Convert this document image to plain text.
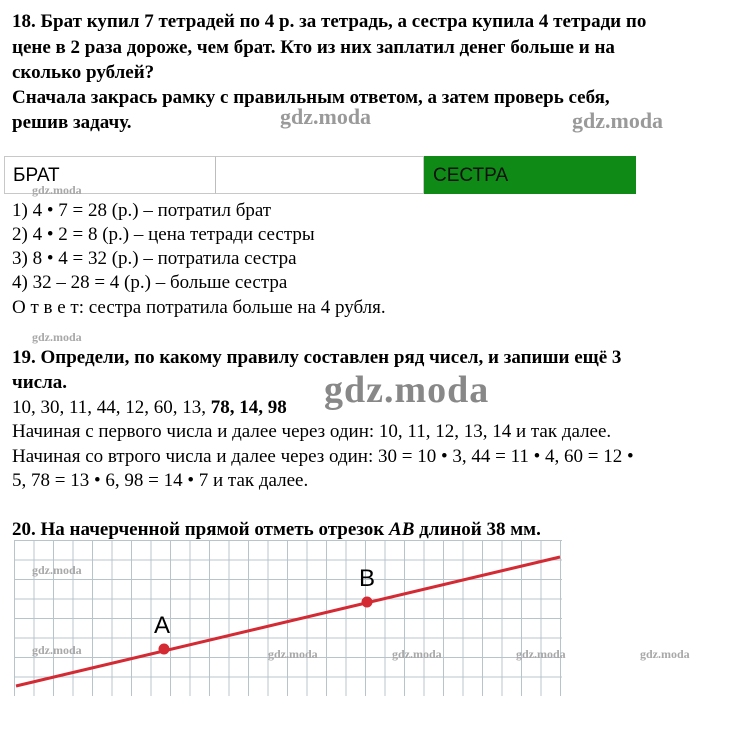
18. Брат купил 7 тетрадей по 4 р. за тетрадь, а сестра купила 4 тетради по
цене в 2 раза дороже, чем брат. Кто из них заплатил денег больше и на
сколько рублей?
Сначала закрась рамку с правильным ответом, а затем проверь себя,
решив задачу.
БРАТ	СЕСТРА
1) 4 • 7 = 28 (р.) – потратил брат
2) 4 • 2 = 8 (р.) – цена тетради сестры
3) 8 • 4 = 32 (р.) – потратила сестра
4) 32 – 28 = 4 (р.) – больше сестра
О т в е т: сестра потратила больше на 4 рубля.
19. Определи, по какому правилу составлен ряд чисел, и запиши ещё 3
числа.
10, 30, 11, 44, 12, 60, 13, 78, 14, 98
Начиная с первого числа и далее через один: 10, 11, 12, 13, 14 и так далее.
Начиная со втрого числа и далее через один: 30 = 10 • 3, 44 = 11 • 4, 60 = 12 •
5, 78 = 13 • 6, 98 = 14 • 7 и так далее.
20. На начерченной прямой отметь отрезок AB длиной 38 мм.
A
B
gdz.moda	gdz.moda
gdz.moda
gdz.moda
gdz.moda
gdz.moda
gdz.moda	gdz.moda	gdz.moda	gdz.moda	gdz.moda
